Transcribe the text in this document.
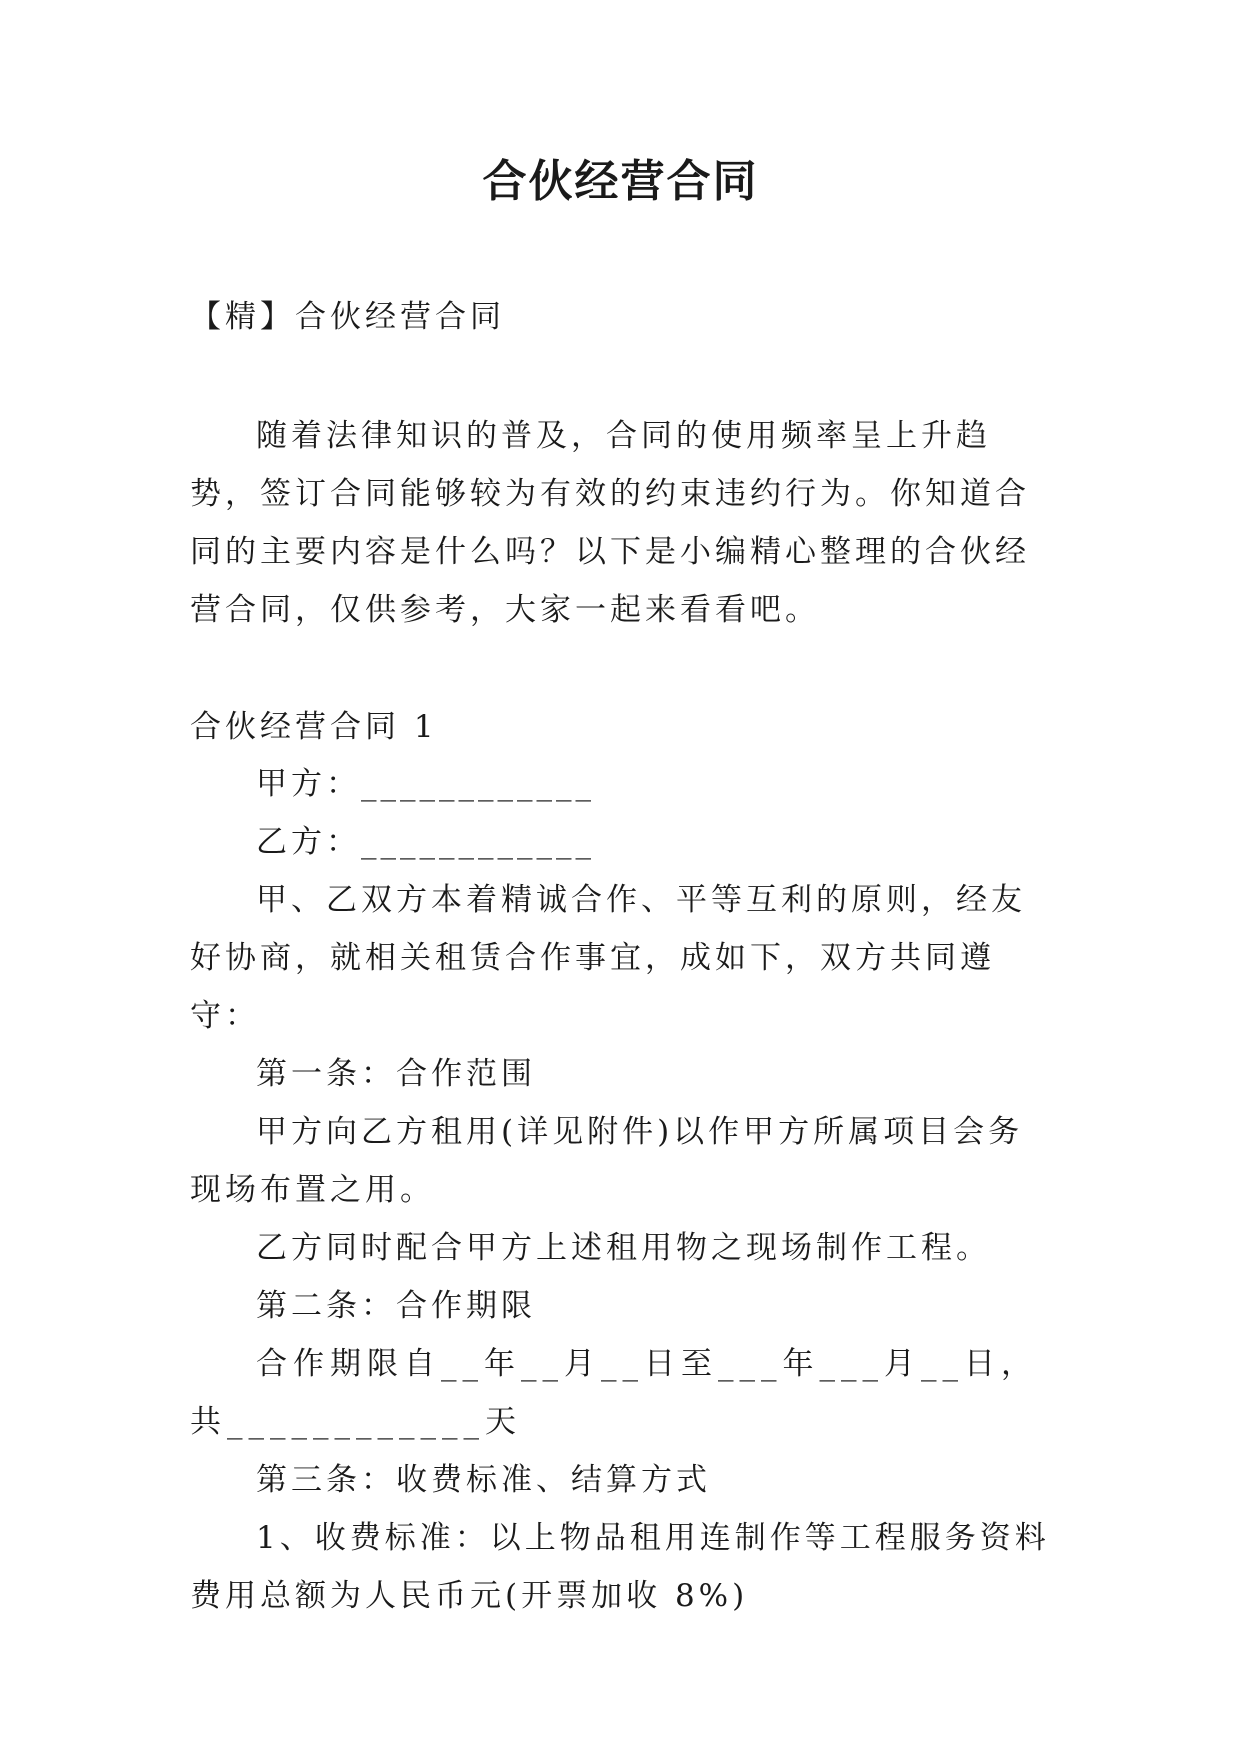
合伙经营合同

【精】合伙经营合同

随着法律知识的普及，合同的使用频率呈上升趋势，签订合同能够较为有效的约束违约行为。你知道合同的主要内容是什么吗？以下是小编精心整理的合伙经营合同，仅供参考，大家一起来看看吧。

合伙经营合同 1

甲方：____________

乙方：____________

甲、乙双方本着精诚合作、平等互利的原则，经友好协商，就相关租赁合作事宜，成如下，双方共同遵守：

第一条：合作范围

甲方向乙方租用(详见附件)以作甲方所属项目会务现场布置之用。

乙方同时配合甲方上述租用物之现场制作工程。

第二条：合作期限

合作期限自__年__月__日至___年___月__日，共____________天

第三条：收费标准、结算方式

1、收费标准：以上物品租用连制作等工程服务资料费用总额为人民币元(开票加收 8%)
